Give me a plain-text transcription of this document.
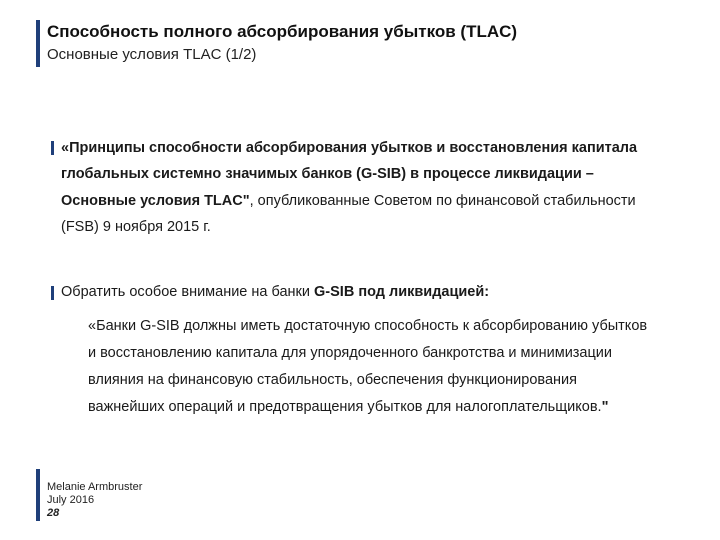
Способность полного абсорбирования убытков (TLAC)
Основные условия TLAC (1/2)
«Принципы способности абсорбирования убытков и восстановления капитала глобальных системно значимых банков (G-SIB) в процессе ликвидации – Основные условия TLAC", опубликованные Советом по финансовой стабильности (FSB) 9 ноября 2015 г.
Обратить особое внимание на банки G-SIB под ликвидацией:
«Банки G-SIB должны иметь достаточную способность к абсорбированию убытков и восстановлению капитала для упорядоченного банкротства и минимизации влияния на финансовую стабильность, обеспечения функционирования важнейших операций и предотвращения убытков для налогоплательщиков."
Melanie Armbruster
July 2016
28
